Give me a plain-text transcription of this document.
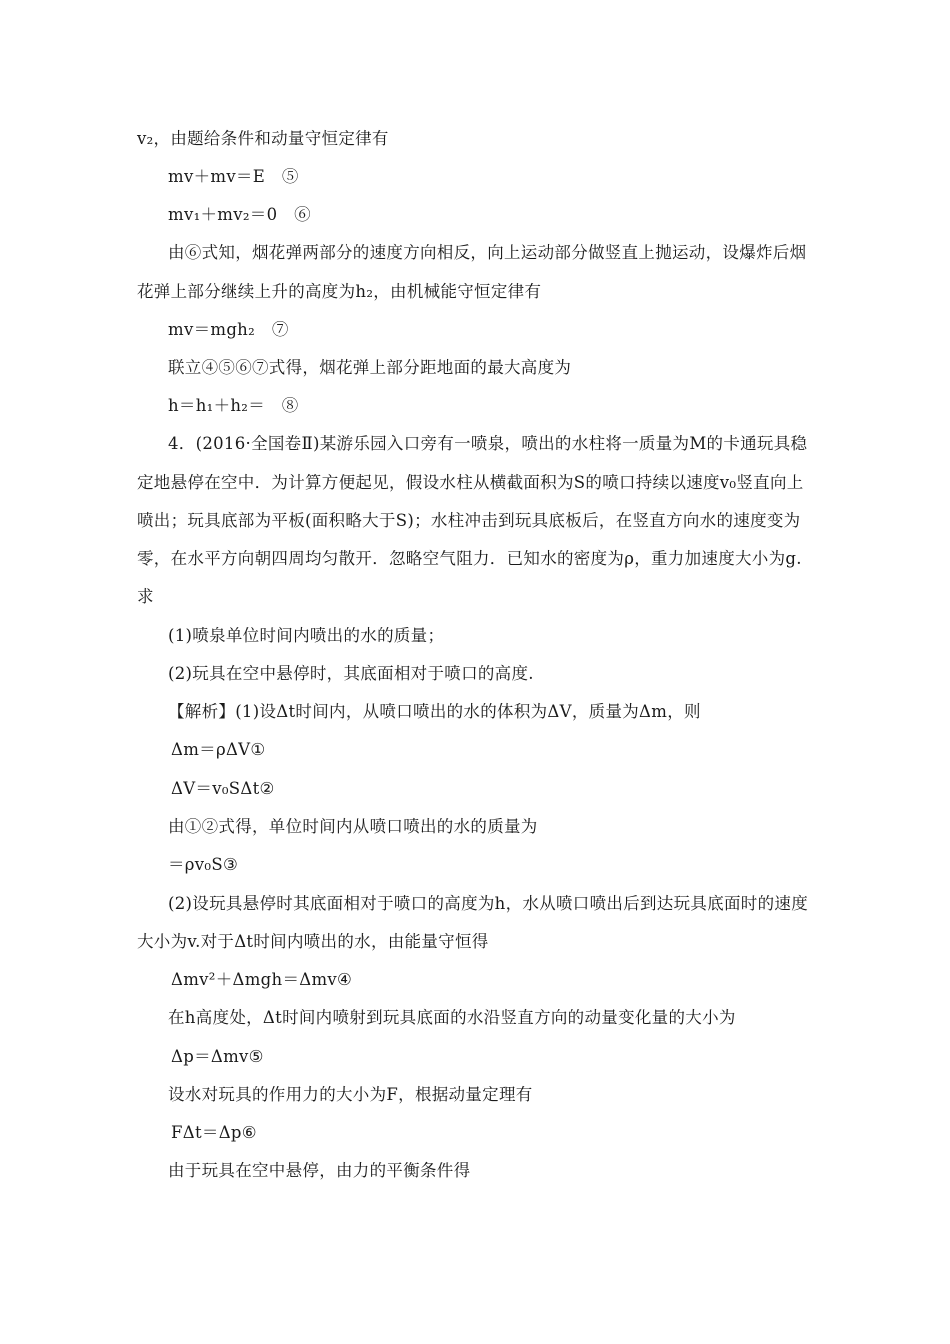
v₂，由题给条件和动量守恒定律有
mv＋mv＝E　⑤
mv₁＋mv₂＝0　⑥
由⑥式知，烟花弹两部分的速度方向相反，向上运动部分做竖直上抛运动，设爆炸后烟
花弹上部分继续上升的高度为h₂，由机械能守恒定律有
mv＝mgh₂　⑦
联立④⑤⑥⑦式得，烟花弹上部分距地面的最大高度为
h＝h₁＋h₂＝　⑧
4．(2016·全国卷Ⅱ)某游乐园入口旁有一喷泉，喷出的水柱将一质量为M的卡通玩具稳
定地悬停在空中．为计算方便起见，假设水柱从横截面积为S的喷口持续以速度v₀竖直向上
喷出；玩具底部为平板(面积略大于S)；水柱冲击到玩具底板后，在竖直方向水的速度变为
零，在水平方向朝四周均匀散开．忽略空气阻力．已知水的密度为ρ，重力加速度大小为g.
求
(1)喷泉单位时间内喷出的水的质量；
(2)玩具在空中悬停时，其底面相对于喷口的高度.
【解析】(1)设Δt时间内，从喷口喷出的水的体积为ΔV，质量为Δm，则
Δm＝ρΔV①
ΔV＝v₀SΔt②
由①②式得，单位时间内从喷口喷出的水的质量为
＝ρv₀S③
(2)设玩具悬停时其底面相对于喷口的高度为h，水从喷口喷出后到达玩具底面时的速度
大小为v.对于Δt时间内喷出的水，由能量守恒得
Δmv²＋Δmgh＝Δmv④
在h高度处，Δt时间内喷射到玩具底面的水沿竖直方向的动量变化量的大小为
Δp＝Δmv⑤
设水对玩具的作用力的大小为F，根据动量定理有
FΔt＝Δp⑥
由于玩具在空中悬停，由力的平衡条件得
